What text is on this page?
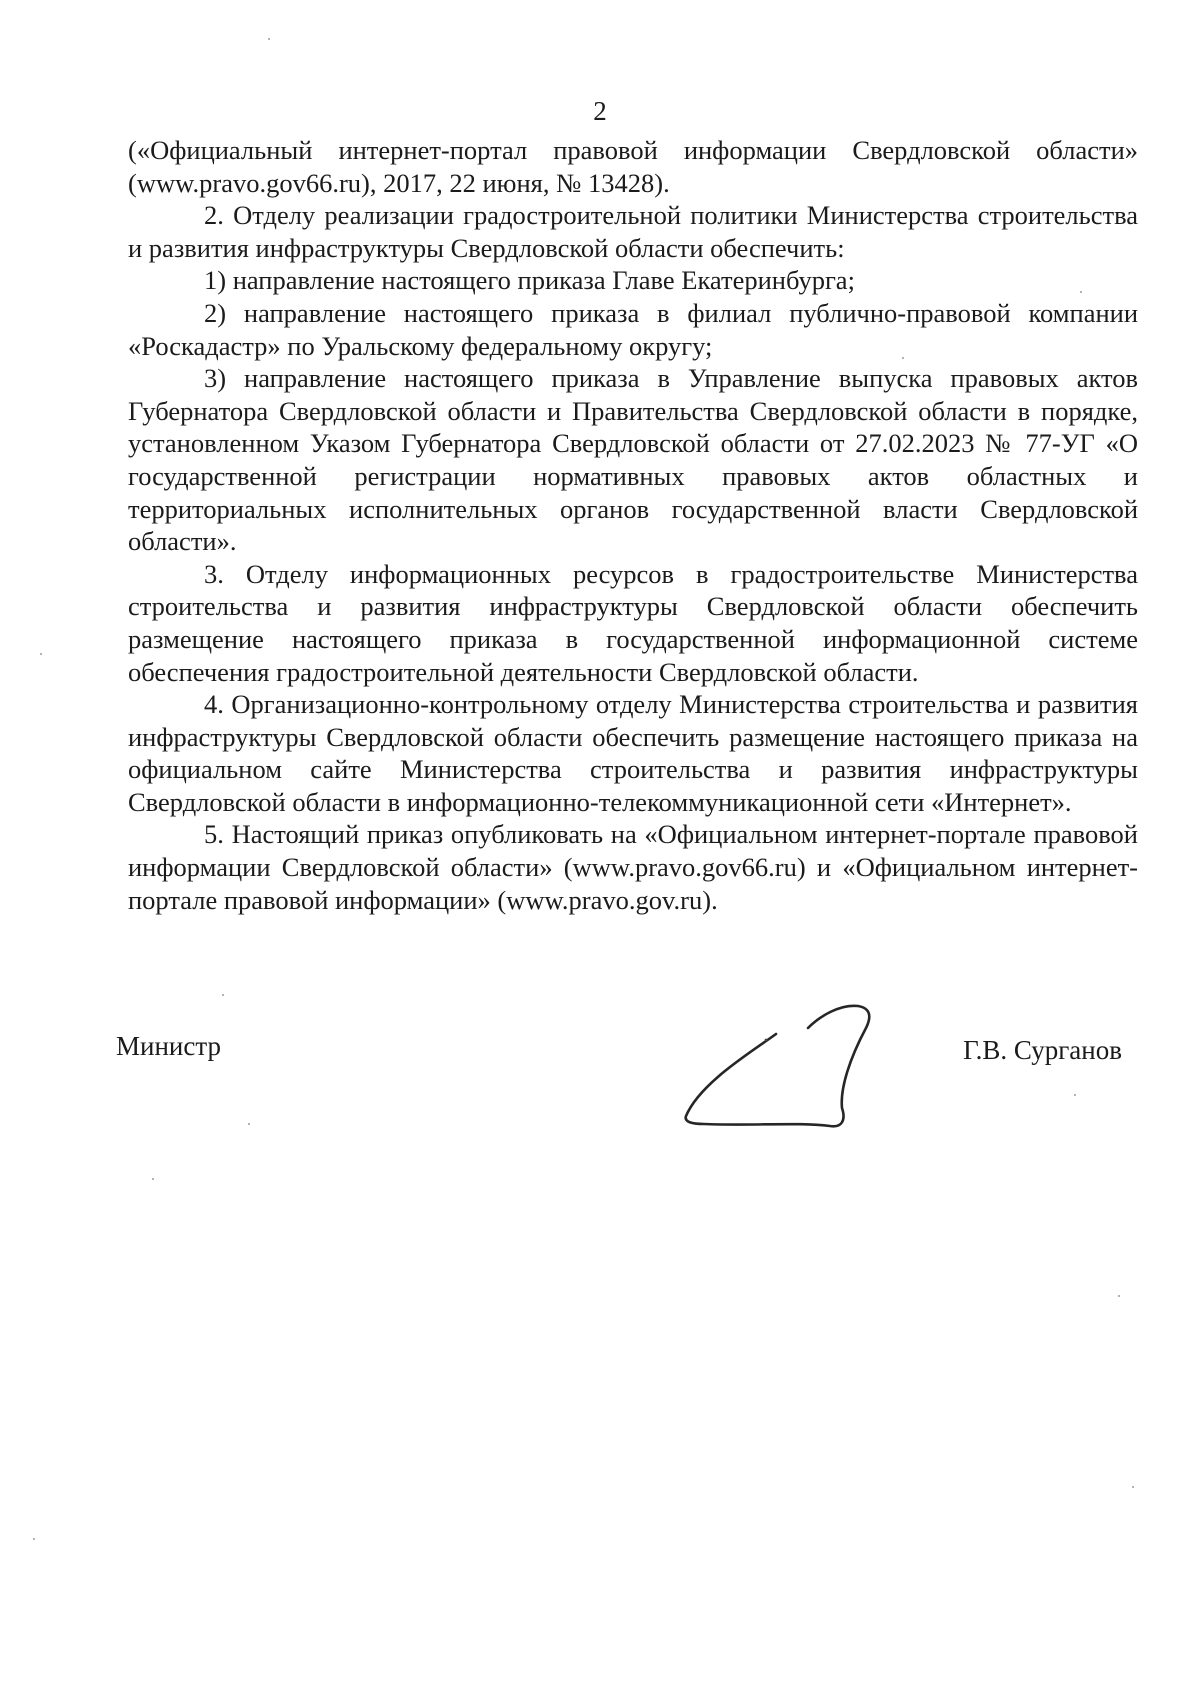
2

(«Официальный интернет-портал правовой информации Свердловской области» (www.pravo.gov66.ru), 2017, 22 июня, № 13428).

2. Отделу реализации градостроительной политики Министерства строительства и развития инфраструктуры Свердловской области обеспечить:

1) направление настоящего приказа Главе Екатеринбурга;

2) направление настоящего приказа в филиал публично-правовой компании «Роскадастр» по Уральскому федеральному округу;

3) направление настоящего приказа в Управление выпуска правовых актов Губернатора Свердловской области и Правительства Свердловской области в порядке, установленном Указом Губернатора Свердловской области от 27.02.2023 № 77-УГ «О государственной регистрации нормативных правовых актов областных и территориальных исполнительных органов государственной власти Свердловской области».

3. Отделу информационных ресурсов в градостроительстве Министерства строительства и развития инфраструктуры Свердловской области обеспечить размещение настоящего приказа в государственной информационной системе обеспечения градостроительной деятельности Свердловской области.

4. Организационно-контрольному отделу Министерства строительства и развития инфраструктуры Свердловской области обеспечить размещение настоящего приказа на официальном сайте Министерства строительства и развития инфраструктуры Свердловской области в информационно-телекоммуникационной сети «Интернет».

5. Настоящий приказ опубликовать на «Официальном интернет-портале правовой информации Свердловской области» (www.pravo.gov66.ru) и «Официальном интернет-портале правовой информации» (www.pravo.gov.ru).

Министр	Г.В. Сурганов
